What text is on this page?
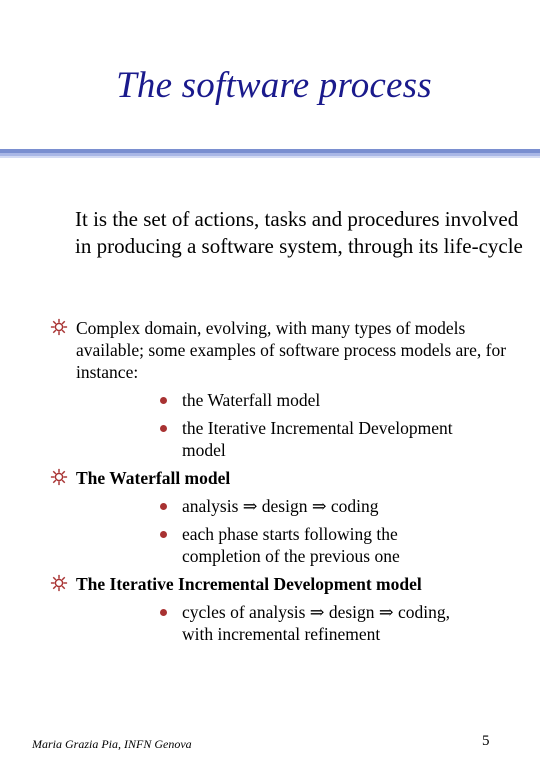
The software process
It is the set of actions, tasks and procedures involved in producing a software system, through its life-cycle
Complex domain, evolving, with many types of models available; some examples of software process models are, for instance:
the Waterfall model
the Iterative Incremental Development model
The Waterfall model
analysis ⇒ design ⇒ coding
each phase starts following the completion of the previous one
The Iterative Incremental Development model
cycles of analysis ⇒ design ⇒ coding, with incremental refinement
Maria Grazia Pia, INFN Genova	5
